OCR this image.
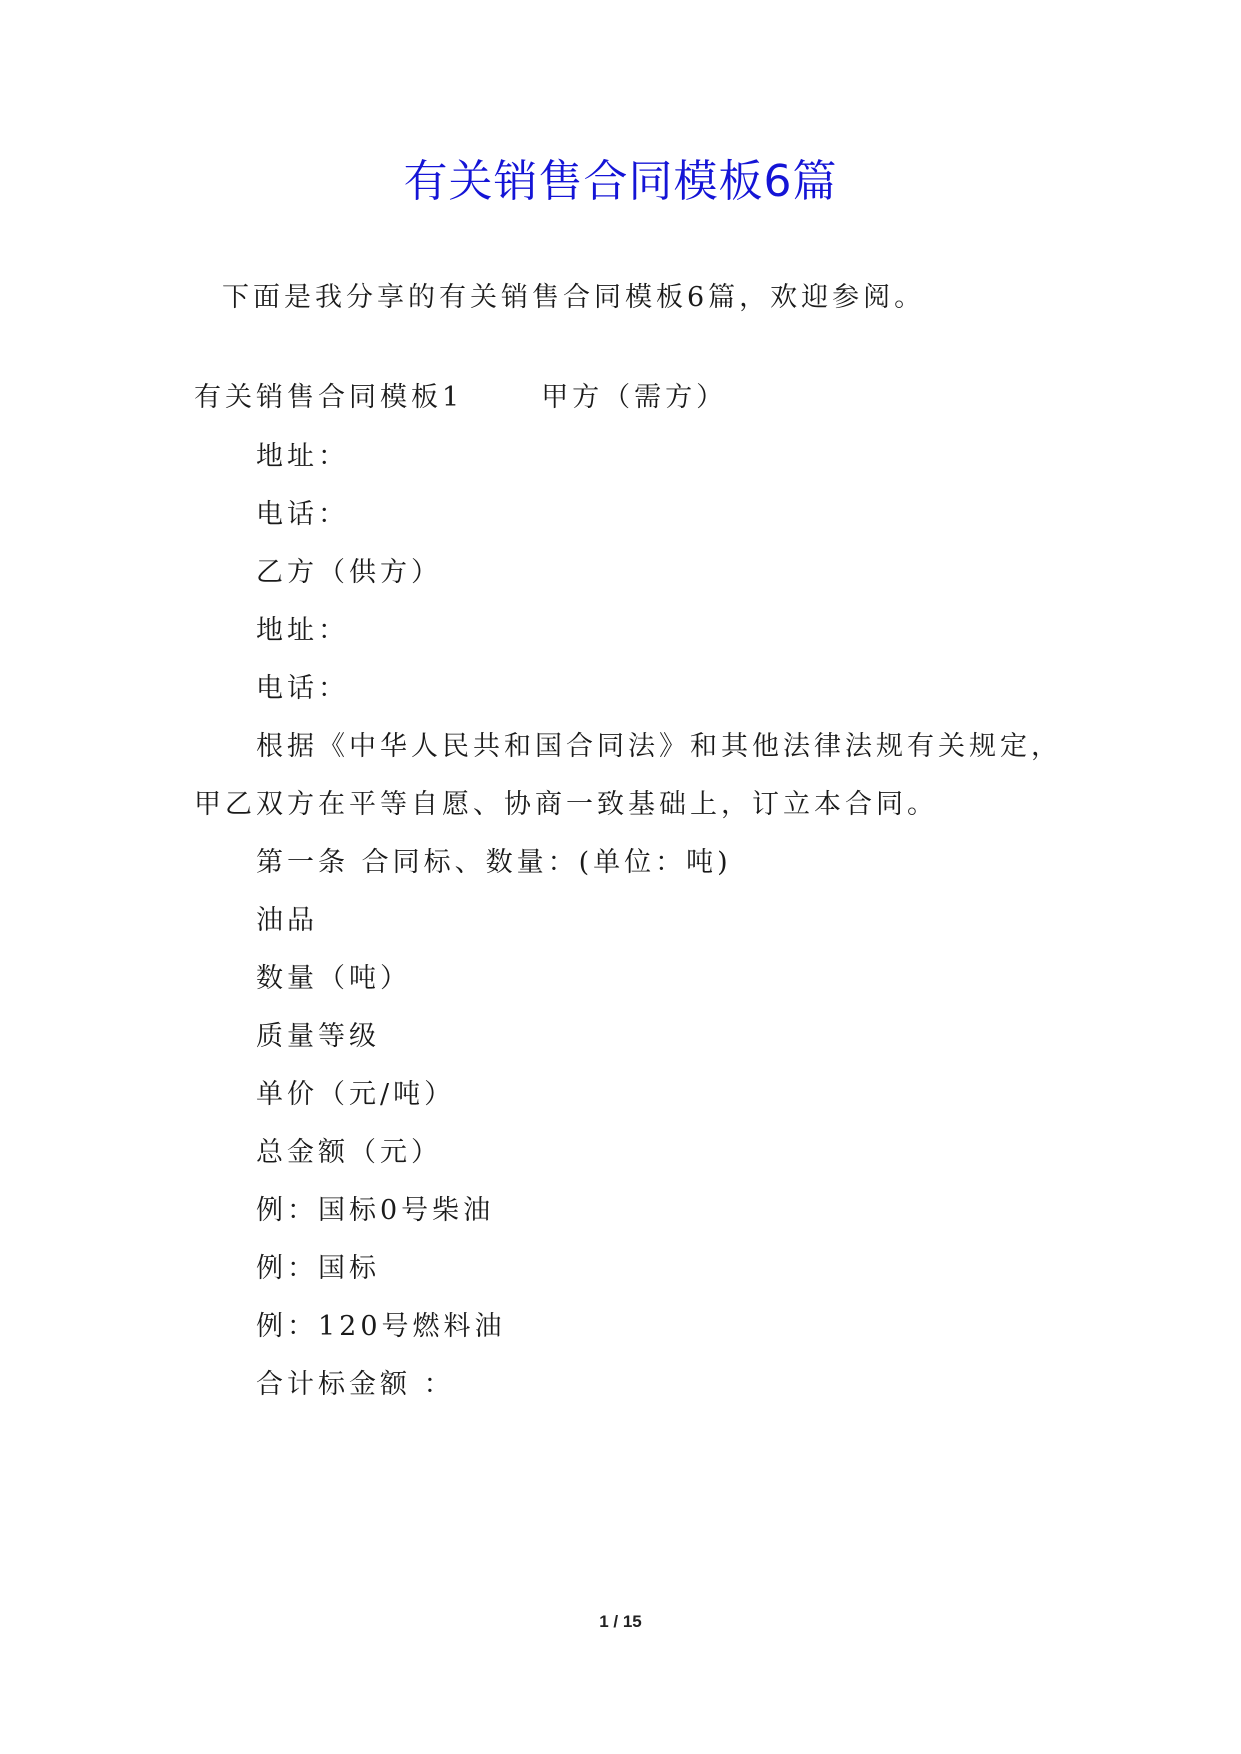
有关销售合同模板6篇
下面是我分享的有关销售合同模板6篇，欢迎参阅。
有关销售合同模板1	甲方（需方）
地址：
电话：
乙方（供方）
地址：
电话：
根据《中华人民共和国合同法》和其他法律法规有关规定，
甲乙双方在平等自愿、协商一致基础上，订立本合同。
第一条 合同标、数量：(单位：吨)
油品
数量（吨）
质量等级
单价（元/吨）
总金额（元）
例：国标0号柴油
例：国标
例：120号燃料油
合计标金额 ：
1 / 15
